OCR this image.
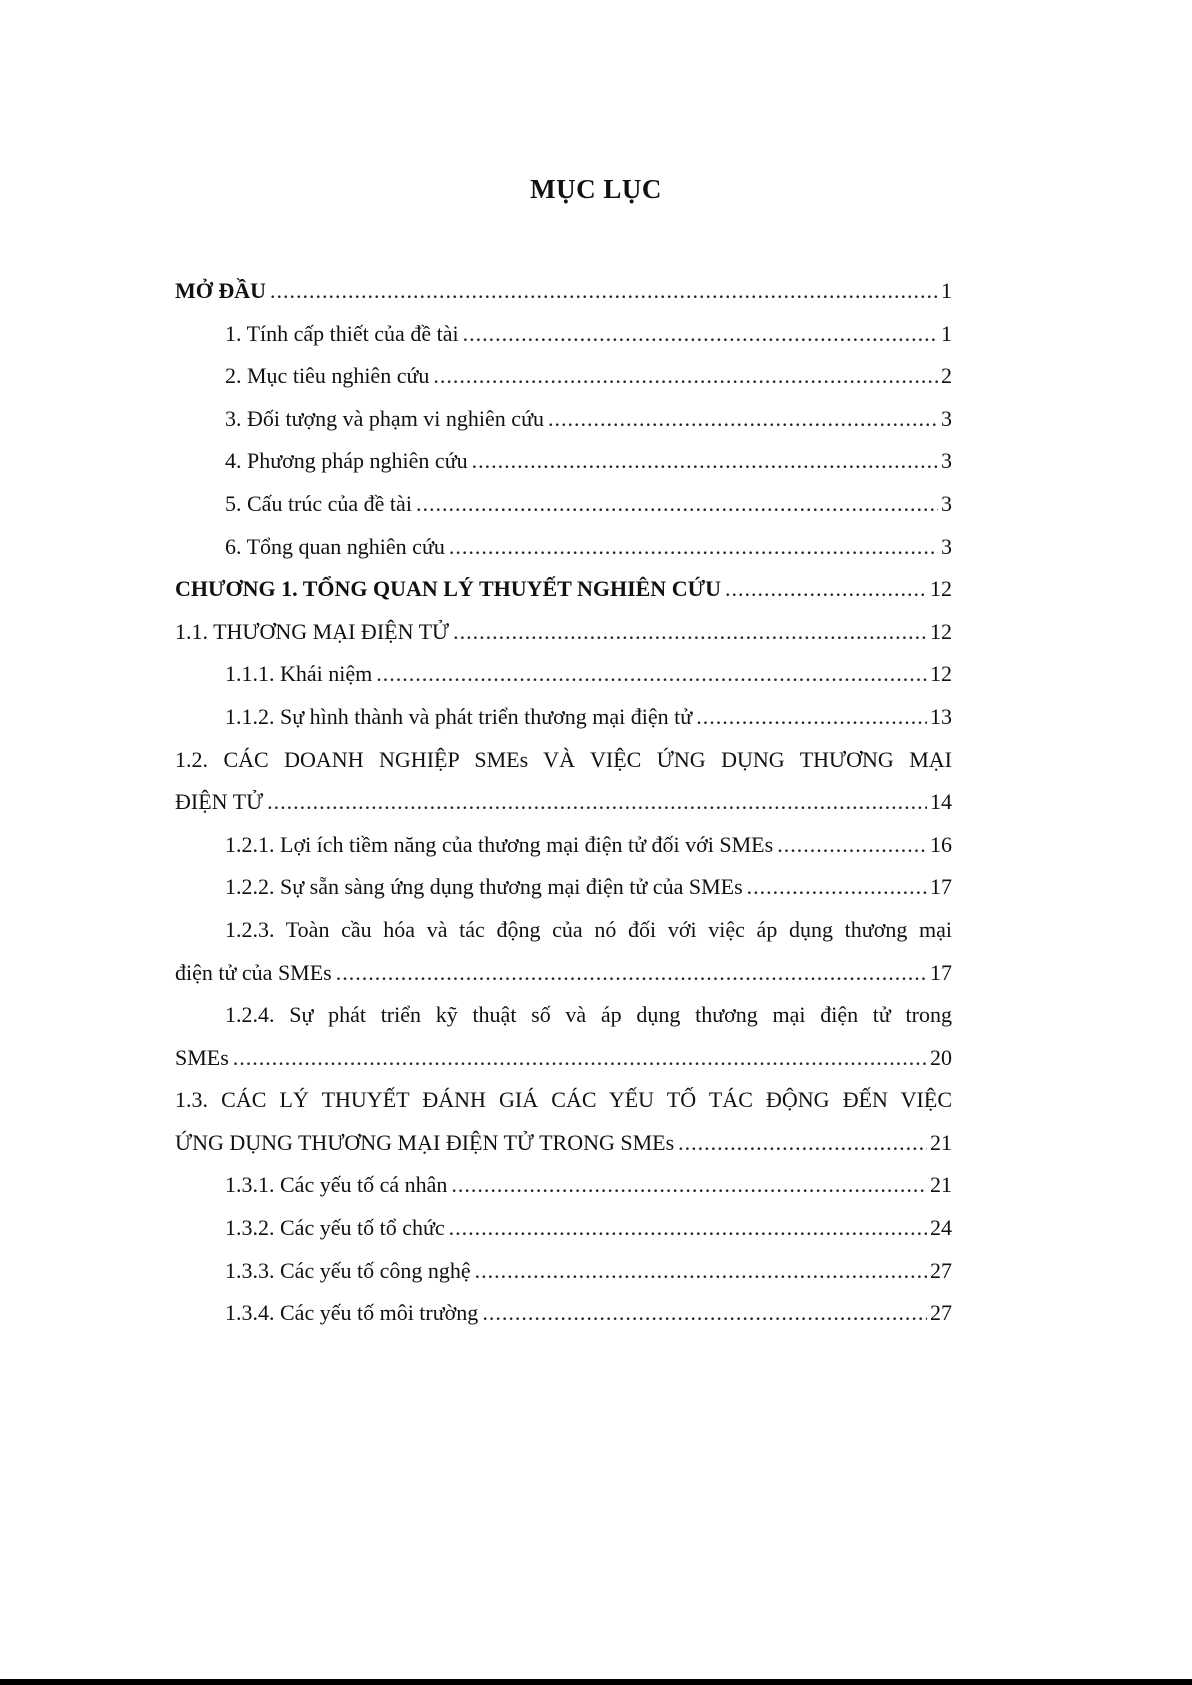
MỤC LỤC
MỞ ĐẦU .....	1
1. Tính cấp thiết của đề tài .....	1
2. Mục tiêu nghiên cứu .....	2
3. Đối tượng và phạm vi nghiên cứu .....	3
4. Phương pháp nghiên cứu .....	3
5. Cấu trúc của đề tài .....	3
6. Tổng quan nghiên cứu .....	3
CHƯƠNG 1. TỔNG QUAN LÝ THUYẾT NGHIÊN CỨU .....	12
1.1. THƯƠNG MẠI ĐIỆN TỬ .....	12
1.1.1. Khái niệm .....	12
1.1.2. Sự hình thành và phát triển thương mại điện tử .....	13
1.2. CÁC DOANH NGHIỆP SMEs VÀ VIỆC ỨNG DỤNG THƯƠNG MẠI
ĐIỆN TỬ .....	14
1.2.1. Lợi ích tiềm năng của thương mại điện tử đối với SMEs .....	16
1.2.2. Sự sẵn sàng ứng dụng thương mại điện tử của SMEs .....	17
1.2.3. Toàn cầu hóa và tác động của nó đối với việc áp dụng thương mại
điện tử của SMEs .....	17
1.2.4. Sự phát triển kỹ thuật số và áp dụng thương mại điện tử trong
SMEs .....	20
1.3. CÁC LÝ THUYẾT ĐÁNH GIÁ CÁC YẾU TỐ TÁC ĐỘNG ĐẾN VIỆC
ỨNG DỤNG THƯƠNG MẠI ĐIỆN TỬ TRONG SMEs .....	21
1.3.1. Các yếu tố cá nhân .....	21
1.3.2. Các yếu tố tổ chức .....	24
1.3.3. Các yếu tố công nghệ .....	27
1.3.4. Các yếu tố môi trường .....	27
